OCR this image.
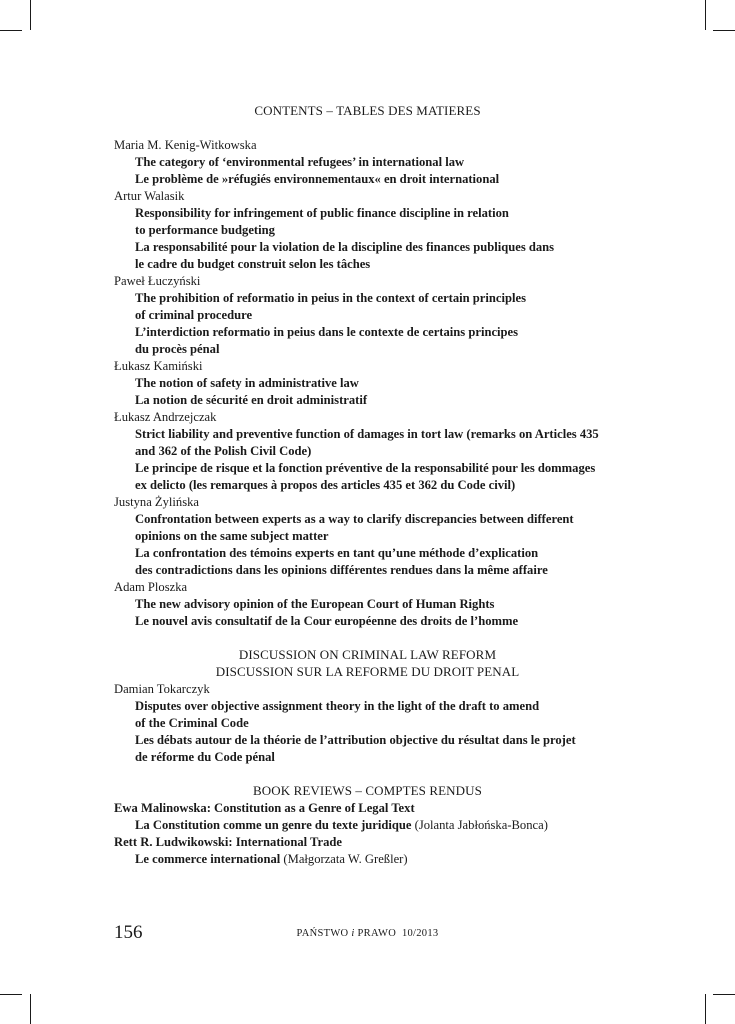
CONTENTS – TABLES DES MATIERES
Maria M. Kenig-Witkowska
The category of ‘environmental refugees’ in international law
Le problème de »réfugiés environnementaux« en droit international
Artur Walasik
Responsibility for infringement of public finance discipline in relation
to performance budgeting
La responsabilité pour la violation de la discipline des finances publiques dans
le cadre du budget construit selon les tâches
Paweł Łuczyński
The prohibition of reformatio in peius in the context of certain principles
of criminal procedure
L’interdiction reformatio in peius dans le contexte de certains principes
du procès pénal
Łukasz Kamiński
The notion of safety in administrative law
La notion de sécurité en droit administratif
Łukasz Andrzejczak
Strict liability and preventive function of damages in tort law (remarks on Articles 435
and 362 of the Polish Civil Code)
Le principe de risque et la fonction préventive de la responsabilité pour les dommages
ex delicto (les remarques à propos des articles 435 et 362 du Code civil)
Justyna Żylińska
Confrontation between experts as a way to clarify discrepancies between different
opinions on the same subject matter
La confrontation des témoins experts en tant qu’une méthode d’explication
des contradictions dans les opinions différentes rendues dans la même affaire
Adam Ploszka
The new advisory opinion of the European Court of Human Rights
Le nouvel avis consultatif de la Cour européenne des droits de l’homme
DISCUSSION ON CRIMINAL LAW REFORM
DISCUSSION SUR LA REFORME DU DROIT PENAL
Damian Tokarczyk
Disputes over objective assignment theory in the light of the draft to amend
of the Criminal Code
Les débats autour de la théorie de l’attribution objective du résultat dans le projet
de réforme du Code pénal
BOOK REVIEWS – COMPTES RENDUS
Ewa Malinowska: Constitution as a Genre of Legal Text
La Constitution comme un genre du texte juridique (Jolanta Jabłońska-Bonca)
Rett R. Ludwikowski: International Trade
Le commerce international (Małgorzata W. Greßler)
156	PAŃSTWO i PRAWO  10/2013
